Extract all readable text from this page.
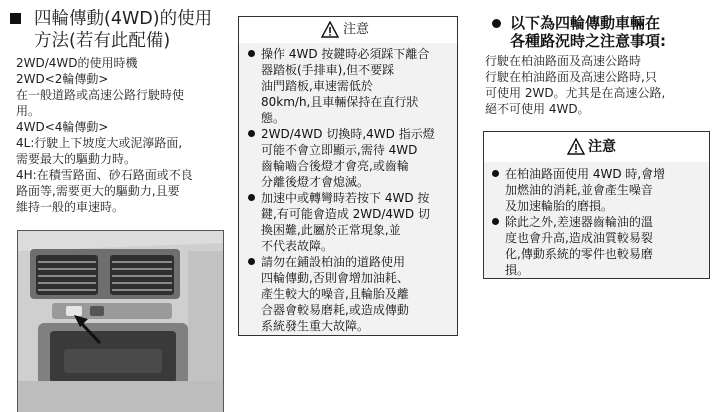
四輪傳動(4WD)的使用
方法(若有此配備)
2WD/4WD的使用時機
2WD<2輪傳動>
在一般道路或高速公路行駛時使
用。
4WD<4輪傳動>
4L:行駛上下坡度大或泥濘路面,
需要最大的驅動力時。
4H:在積雪路面、砂石路面或不良
路面等,需要更大的驅動力,且要
維持一般的車速時。
注意
操作 4WD 按鍵時必須踩下離合
器踏板(手排車),但不要踩
油門踏板,車速需低於
80km/h,且車輛保持在直行狀
態。
2WD/4WD 切換時,4WD 指示燈
可能不會立即顯示,需待 4WD
齒輪嚙合後燈才會亮,或齒輪
分離後燈才會熄滅。
加速中或轉彎時若按下 4WD 按
鍵,有可能會造成 2WD/4WD 切
換困難,此屬於正常現象,並
不代表故障。
請勿在鋪設柏油的道路使用
四輪傳動,否則會增加油耗、
產生較大的噪音,且輪胎及離
合器會較易磨耗,或造成傳動
系統發生重大故障。
以下為四輪傳動車輛在
各種路況時之注意事項:
行駛在柏油路面及高速公路時
行駛在柏油路面及高速公路時,只
可使用 2WD。尤其是在高速公路,
絕不可使用 4WD。
注意
在柏油路面使用 4WD 時,會增
加燃油的消耗,並會產生噪音
及加速輪胎的磨損。
除此之外,差速器齒輪油的溫
度也會升高,造成油質較易裂
化,傳動系統的零件也較易磨
損。
